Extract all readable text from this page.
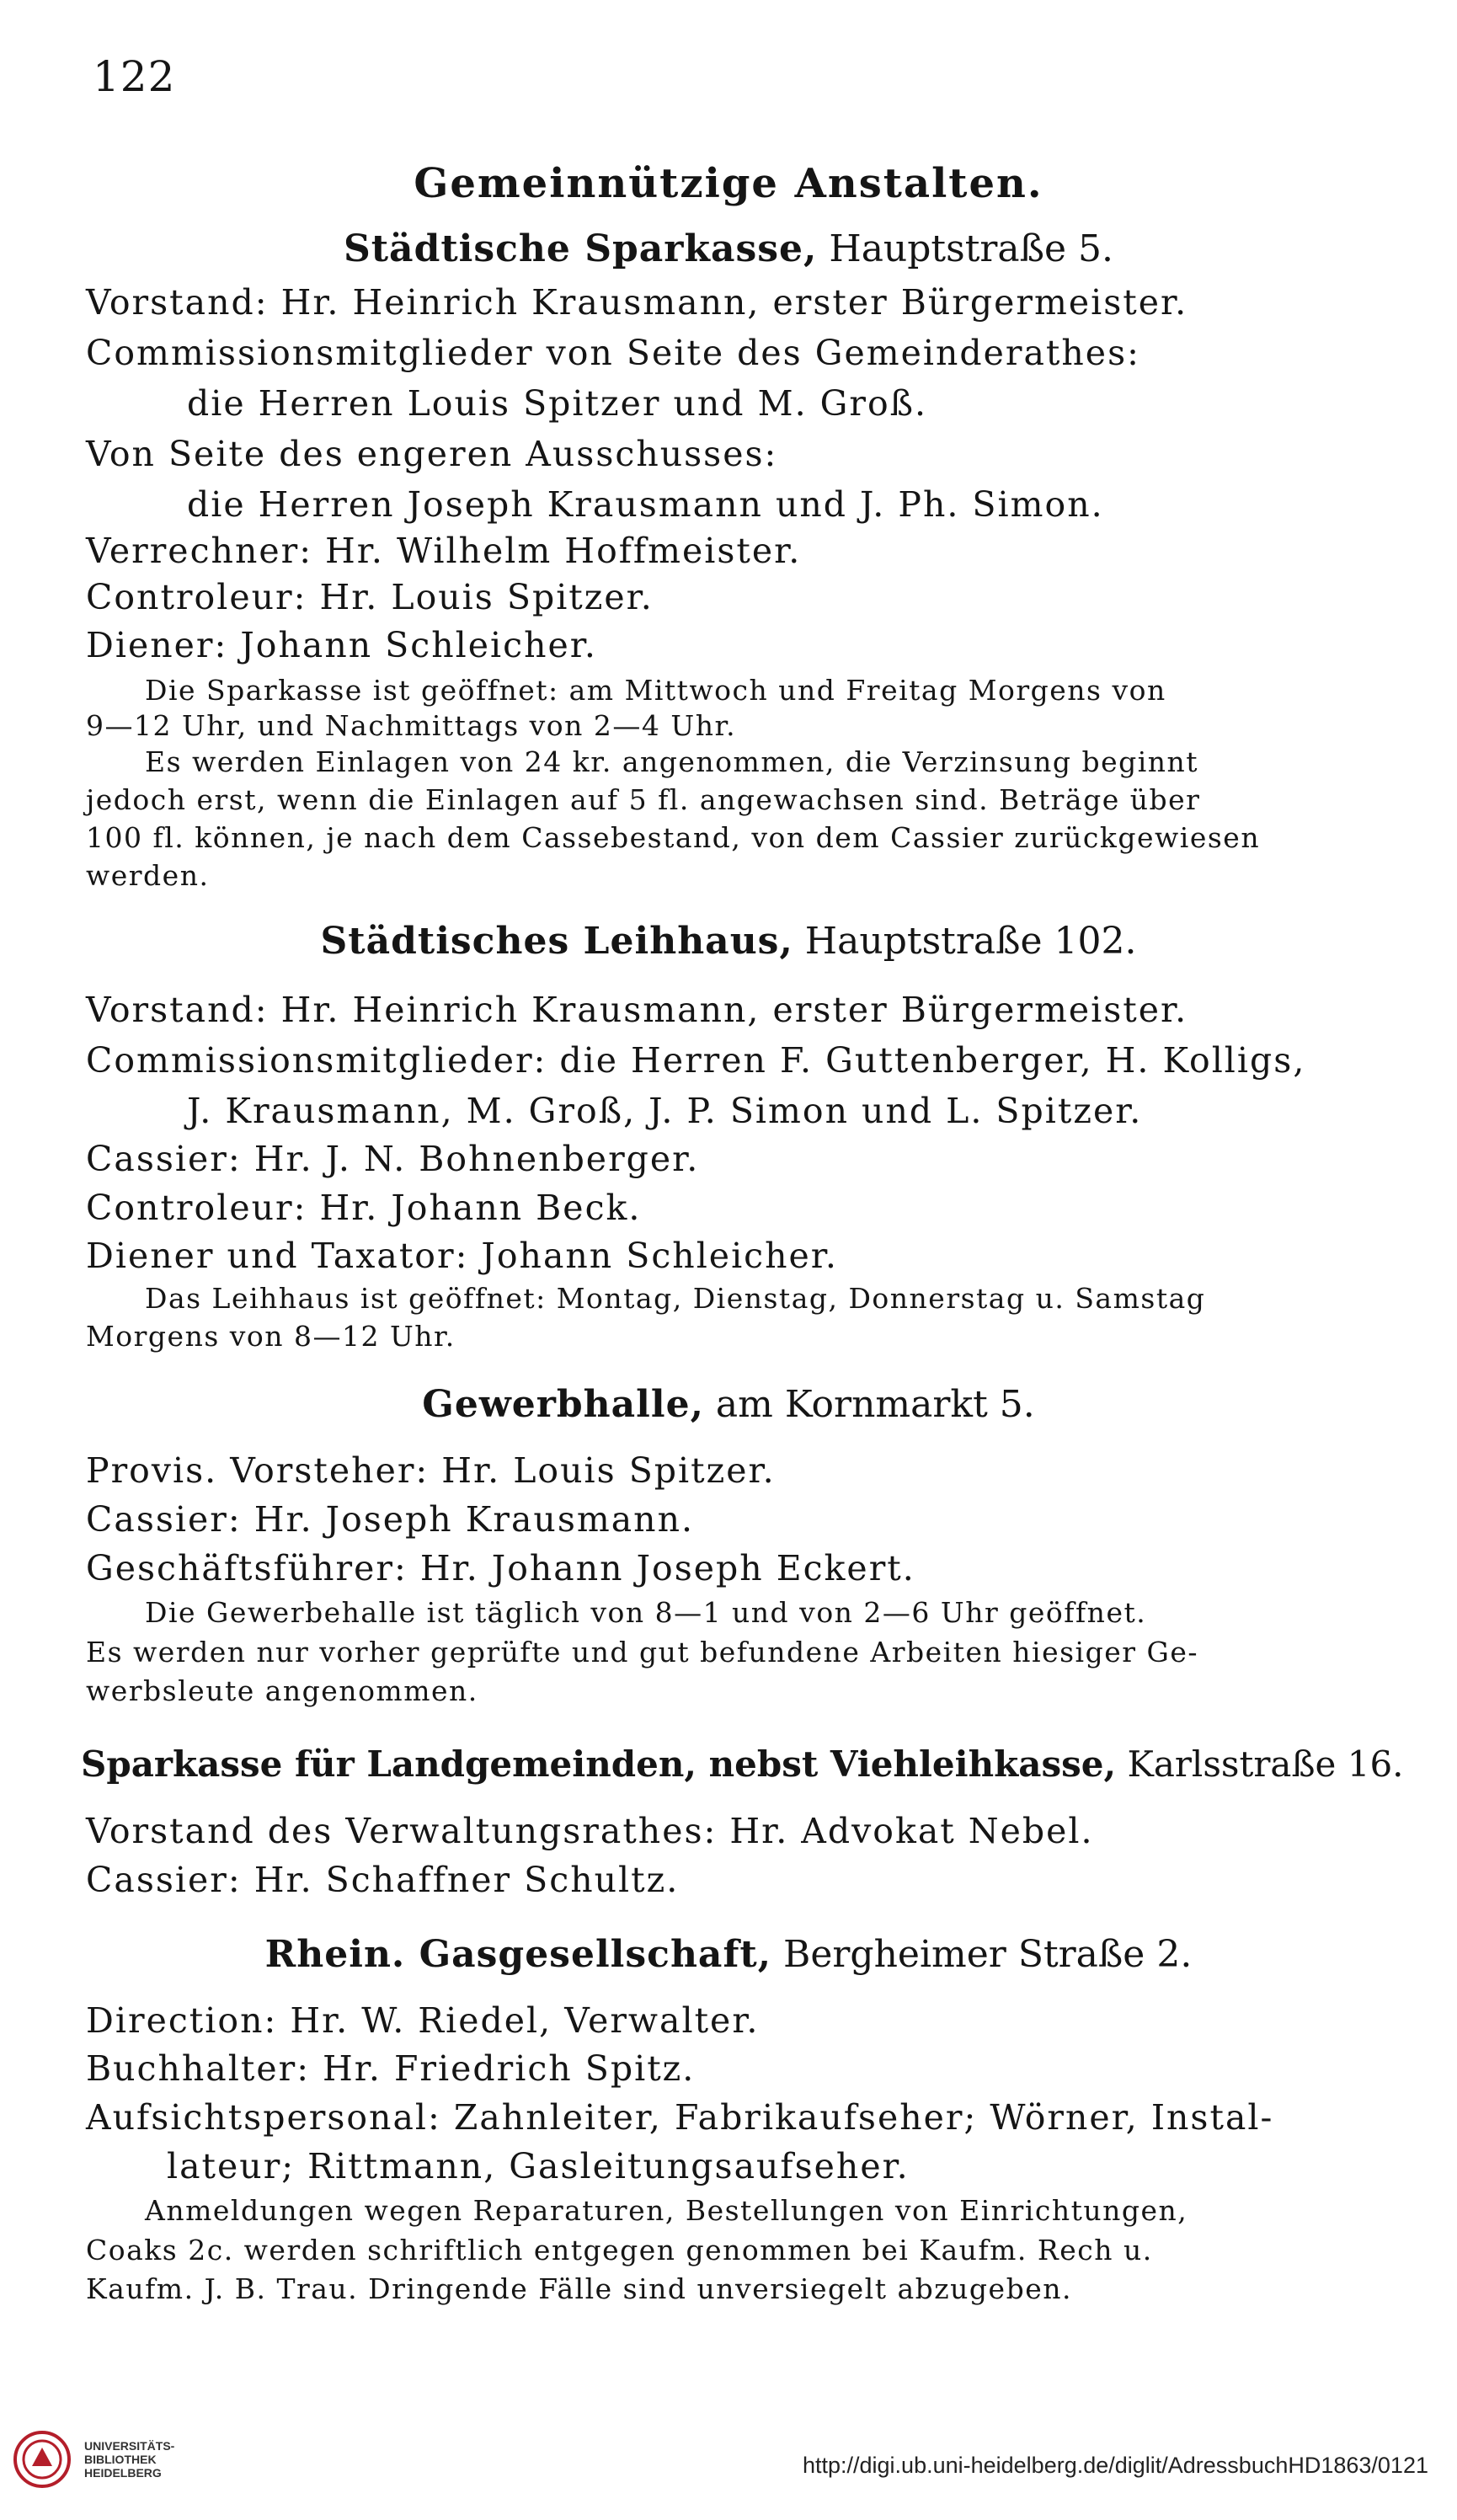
122
Gemeinnützige Anstalten.
Städtische Sparkasse, Hauptstraße 5.
Vorstand: Hr. Heinrich Krausmann, erster Bürgermeister.
Commissionsmitglieder von Seite des Gemeinderathes:
die Herren Louis Spitzer und M. Groß.
Von Seite des engeren Ausschusses:
die Herren Joseph Krausmann und J. Ph. Simon.
Verrechner: Hr. Wilhelm Hoffmeister.
Controleur: Hr. Louis Spitzer.
Diener: Johann Schleicher.
Die Sparkasse ist geöffnet: am Mittwoch und Freitag Morgens von
9—12 Uhr, und Nachmittags von 2—4 Uhr.
Es werden Einlagen von 24 kr. angenommen, die Verzinsung beginnt
jedoch erst, wenn die Einlagen auf 5 fl. angewachsen sind. Beträge über
100 fl. können, je nach dem Cassebestand, von dem Cassier zurückgewiesen
werden.
Städtisches Leihhaus, Hauptstraße 102.
Vorstand: Hr. Heinrich Krausmann, erster Bürgermeister.
Commissionsmitglieder: die Herren F. Guttenberger, H. Kolligs,
J. Krausmann, M. Groß, J. P. Simon und L. Spitzer.
Cassier: Hr. J. N. Bohnenberger.
Controleur: Hr. Johann Beck.
Diener und Taxator: Johann Schleicher.
Das Leihhaus ist geöffnet: Montag, Dienstag, Donnerstag u. Samstag
Morgens von 8—12 Uhr.
Gewerbhalle, am Kornmarkt 5.
Provis. Vorsteher: Hr. Louis Spitzer.
Cassier: Hr. Joseph Krausmann.
Geschäftsführer: Hr. Johann Joseph Eckert.
Die Gewerbehalle ist täglich von 8—1 und von 2—6 Uhr geöffnet.
Es werden nur vorher geprüfte und gut befundene Arbeiten hiesiger Ge-
werbsleute angenommen.
Sparkasse für Landgemeinden, nebst Viehleihkasse, Karlsstraße 16.
Vorstand des Verwaltungsrathes: Hr. Advokat Nebel.
Cassier: Hr. Schaffner Schultz.
Rhein. Gasgesellschaft, Bergheimer Straße 2.
Direction: Hr. W. Riedel, Verwalter.
Buchhalter: Hr. Friedrich Spitz.
Aufsichtspersonal: Zahnleiter, Fabrikaufseher; Wörner, Instal-
lateur; Rittmann, Gasleitungsaufseher.
Anmeldungen wegen Reparaturen, Bestellungen von Einrichtungen,
Coaks 2c. werden schriftlich entgegen genommen bei Kaufm. Rech u.
Kaufm. J. B. Trau. Dringende Fälle sind unversiegelt abzugeben.
UNIVERSITÄTS-
BIBLIOTHEK
HEIDELBERG	http://digi.ub.uni-heidelberg.de/diglit/AdressbuchHD1863/0121
